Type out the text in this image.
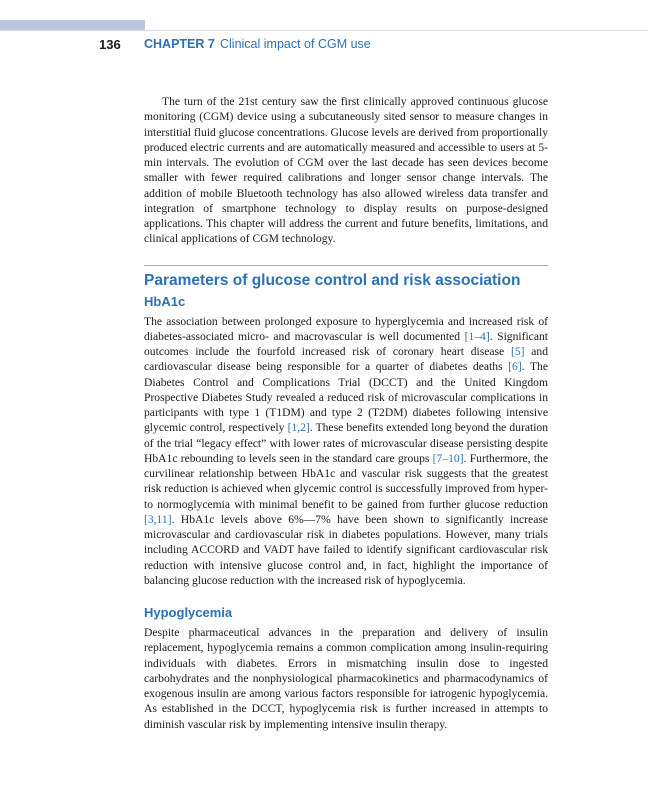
136 CHAPTER 7 Clinical impact of CGM use

The turn of the 21st century saw the first clinically approved continuous glucose monitoring (CGM) device using a subcutaneously sited sensor to measure changes in interstitial fluid glucose concentrations. Glucose levels are derived from proportionally produced electric currents and are automatically measured and accessible to users at 5-min intervals. The evolution of CGM over the last decade has seen devices become smaller with fewer required calibrations and longer sensor change intervals. The addition of mobile Bluetooth technology has also allowed wireless data transfer and integration of smartphone technology to display results on purpose-designed applications. This chapter will address the current and future benefits, limitations, and clinical applications of CGM technology.

Parameters of glucose control and risk association
HbA1c

The association between prolonged exposure to hyperglycemia and increased risk of diabetes-associated micro- and macrovascular is well documented [1–4]. Significant outcomes include the fourfold increased risk of coronary heart disease [5] and cardiovascular disease being responsible for a quarter of diabetes deaths [6]. The Diabetes Control and Complications Trial (DCCT) and the United Kingdom Prospective Diabetes Study revealed a reduced risk of microvascular complications in participants with type 1 (T1DM) and type 2 (T2DM) diabetes following intensive glycemic control, respectively [1,2]. These benefits extended long beyond the duration of the trial “legacy effect” with lower rates of microvascular disease persisting despite HbA1c rebounding to levels seen in the standard care groups [7–10]. Furthermore, the curvilinear relationship between HbA1c and vascular risk suggests that the greatest risk reduction is achieved when glycemic control is successfully improved from hyper- to normoglycemia with minimal benefit to be gained from further glucose reduction [3,11]. HbA1c levels above 6%—7% have been shown to significantly increase microvascular and cardiovascular risk in diabetes populations. However, many trials including ACCORD and VADT have failed to identify significant cardiovascular risk reduction with intensive glucose control and, in fact, highlight the importance of balancing glucose reduction with the increased risk of hypoglycemia.

Hypoglycemia

Despite pharmaceutical advances in the preparation and delivery of insulin replacement, hypoglycemia remains a common complication among insulin-requiring individuals with diabetes. Errors in mismatching insulin dose to ingested carbohydrates and the nonphysiological pharmacokinetics and pharmacodynamics of exogenous insulin are among various factors responsible for iatrogenic hypoglycemia. As established in the DCCT, hypoglycemia risk is further increased in attempts to diminish vascular risk by implementing intensive insulin therapy.
